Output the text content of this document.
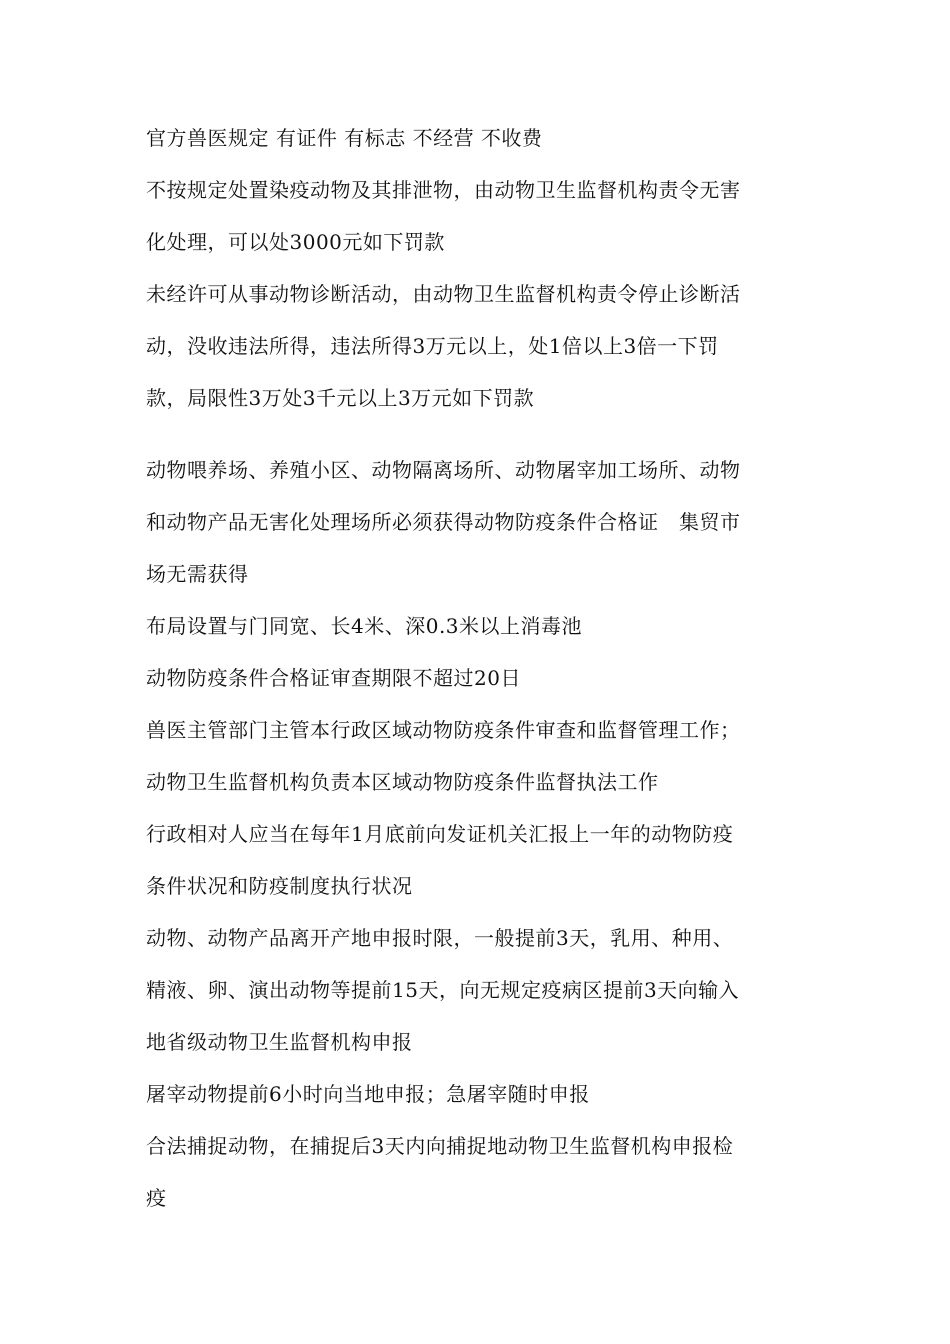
官方兽医规定 有证件 有标志 不经营 不收费
不按规定处置染疫动物及其排泄物，由动物卫生监督机构责令无害
化处理，可以处3000元如下罚款
未经许可从事动物诊断活动，由动物卫生监督机构责令停止诊断活
动，没收违法所得，违法所得3万元以上，处1倍以上3倍一下罚
款，局限性3万处3千元以上3万元如下罚款
动物喂养场、养殖小区、动物隔离场所、动物屠宰加工场所、动物
和动物产品无害化处理场所必须获得动物防疫条件合格证　集贸市
场无需获得
布局设置与门同宽、长4米、深0.3米以上消毒池
动物防疫条件合格证审查期限不超过20日
兽医主管部门主管本行政区域动物防疫条件审查和监督管理工作；
动物卫生监督机构负责本区域动物防疫条件监督执法工作
行政相对人应当在每年1月底前向发证机关汇报上一年的动物防疫
条件状况和防疫制度执行状况
动物、动物产品离开产地申报时限，一般提前3天，乳用、种用、
精液、卵、演出动物等提前15天，向无规定疫病区提前3天向输入
地省级动物卫生监督机构申报
屠宰动物提前6小时向当地申报；急屠宰随时申报
合法捕捉动物，在捕捉后3天内向捕捉地动物卫生监督机构申报检
疫
